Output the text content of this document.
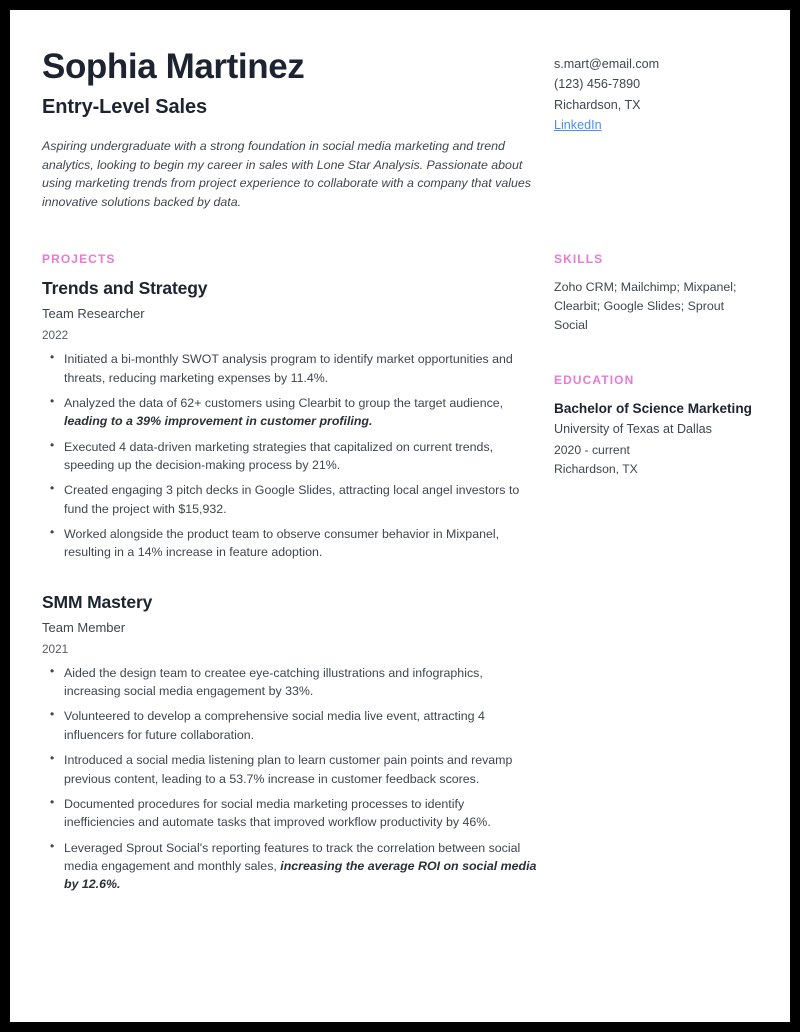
Sophia Martinez
Entry-Level Sales

Aspiring undergraduate with a strong foundation in social media marketing and trend analytics, looking to begin my career in sales with Lone Star Analysis. Passionate about using marketing trends from project experience to collaborate with a company that values innovative solutions backed by data.

s.mart@email.com
(123) 456-7890
Richardson, TX
LinkedIn
PROJECTS
Trends and Strategy
Team Researcher
2022
• Initiated a bi-monthly SWOT analysis program to identify market opportunities and threats, reducing marketing expenses by 11.4%.
• Analyzed the data of 62+ customers using Clearbit to group the target audience, leading to a 39% improvement in customer profiling.
• Executed 4 data-driven marketing strategies that capitalized on current trends, speeding up the decision-making process by 21%.
• Created engaging 3 pitch decks in Google Slides, attracting local angel investors to fund the project with $15,932.
• Worked alongside the product team to observe consumer behavior in Mixpanel, resulting in a 14% increase in feature adoption.
SMM Mastery
Team Member
2021
• Aided the design team to createe eye-catching illustrations and infographics, increasing social media engagement by 33%.
• Volunteered to develop a comprehensive social media live event, attracting 4 influencers for future collaboration.
• Introduced a social media listening plan to learn customer pain points and revamp previous content, leading to a 53.7% increase in customer feedback scores.
• Documented procedures for social media marketing processes to identify inefficiencies and automate tasks that improved workflow productivity by 46%.
• Leveraged Sprout Social's reporting features to track the correlation between social media engagement and monthly sales, increasing the average ROI on social media by 12.6%.
SKILLS

Zoho CRM; Mailchimp; Mixpanel; Clearbit; Google Slides; Sprout Social

EDUCATION
Bachelor of Science Marketing
University of Texas at Dallas
2020 - current
Richardson, TX
